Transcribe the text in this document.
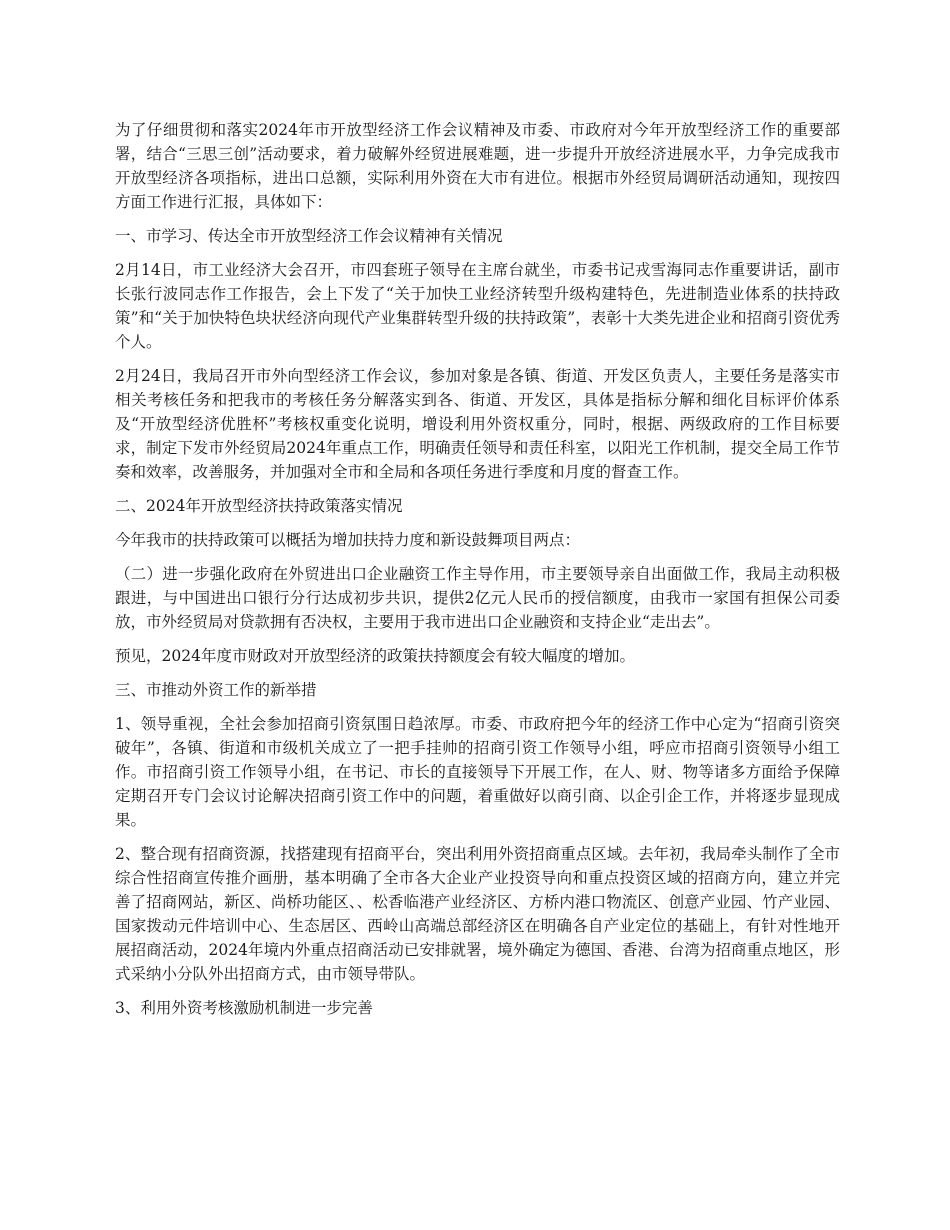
为了仔细贯彻和落实2024年市开放型经济工作会议精神及市委、市政府对今年开放型经济工作的重要部署，结合“三思三创”活动要求，着力破解外经贸进展难题，进一步提升开放经济进展水平，力争完成我市开放型经济各项指标，进出口总额，实际利用外资在大市有进位。根据市外经贸局调研活动通知，现按四方面工作进行汇报，具体如下：

一、市学习、传达全市开放型经济工作会议精神有关情况

2月14日，市工业经济大会召开，市四套班子领导在主席台就坐，市委书记戎雪海同志作重要讲话，副市长张行波同志作工作报告，会上下发了“关于加快工业经济转型升级构建特色，先进制造业体系的扶持政策”和“关于加快特色块状经济向现代产业集群转型升级的扶持政策”，表彰十大类先进企业和招商引资优秀个人。

2月24日，我局召开市外向型经济工作会议，参加对象是各镇、街道、开发区负责人，主要任务是落实市相关考核任务和把我市的考核任务分解落实到各、街道、开发区，具体是指标分解和细化目标评价体系及“开放型经济优胜杯”考核权重变化说明，增设利用外资权重分，同时，根据、两级政府的工作目标要求，制定下发市外经贸局2024年重点工作，明确责任领导和责任科室，以阳光工作机制，提交全局工作节奏和效率，改善服务，并加强对全市和全局和各项任务进行季度和月度的督查工作。

二、2024年开放型经济扶持政策落实情况

今年我市的扶持政策可以概括为增加扶持力度和新设鼓舞项目两点：

（二）进一步强化政府在外贸进出口企业融资工作主导作用，市主要领导亲自出面做工作，我局主动积极跟进，与中国进出口银行分行达成初步共识，提供2亿元人民币的授信额度，由我市一家国有担保公司委放，市外经贸局对贷款拥有否决权，主要用于我市进出口企业融资和支持企业“走出去”。

预见，2024年度市财政对开放型经济的政策扶持额度会有较大幅度的增加。

三、市推动外资工作的新举措

1、领导重视，全社会参加招商引资氛围日趋浓厚。市委、市政府把今年的经济工作中心定为“招商引资突破年”，各镇、街道和市级机关成立了一把手挂帅的招商引资工作领导小组，呼应市招商引资领导小组工作。市招商引资工作领导小组，在书记、市长的直接领导下开展工作，在人、财、物等诸多方面给予保障定期召开专门会议讨论解决招商引资工作中的问题，着重做好以商引商、以企引企工作，并将逐步显现成果。

2、整合现有招商资源，找搭建现有招商平台，突出利用外资招商重点区域。去年初，我局牵头制作了全市综合性招商宣传推介画册，基本明确了全市各大企业产业投资导向和重点投资区域的招商方向，建立并完善了招商网站，新区、尚桥功能区、、松香临港产业经济区、方桥内港口物流区、创意产业园、竹产业园、国家拨动元件培训中心、生态居区、西岭山高端总部经济区在明确各自产业定位的基础上，有针对性地开展招商活动，2024年境内外重点招商活动已安排就署，境外确定为德国、香港、台湾为招商重点地区，形式采纳小分队外出招商方式，由市领导带队。

3、利用外资考核激励机制进一步完善
